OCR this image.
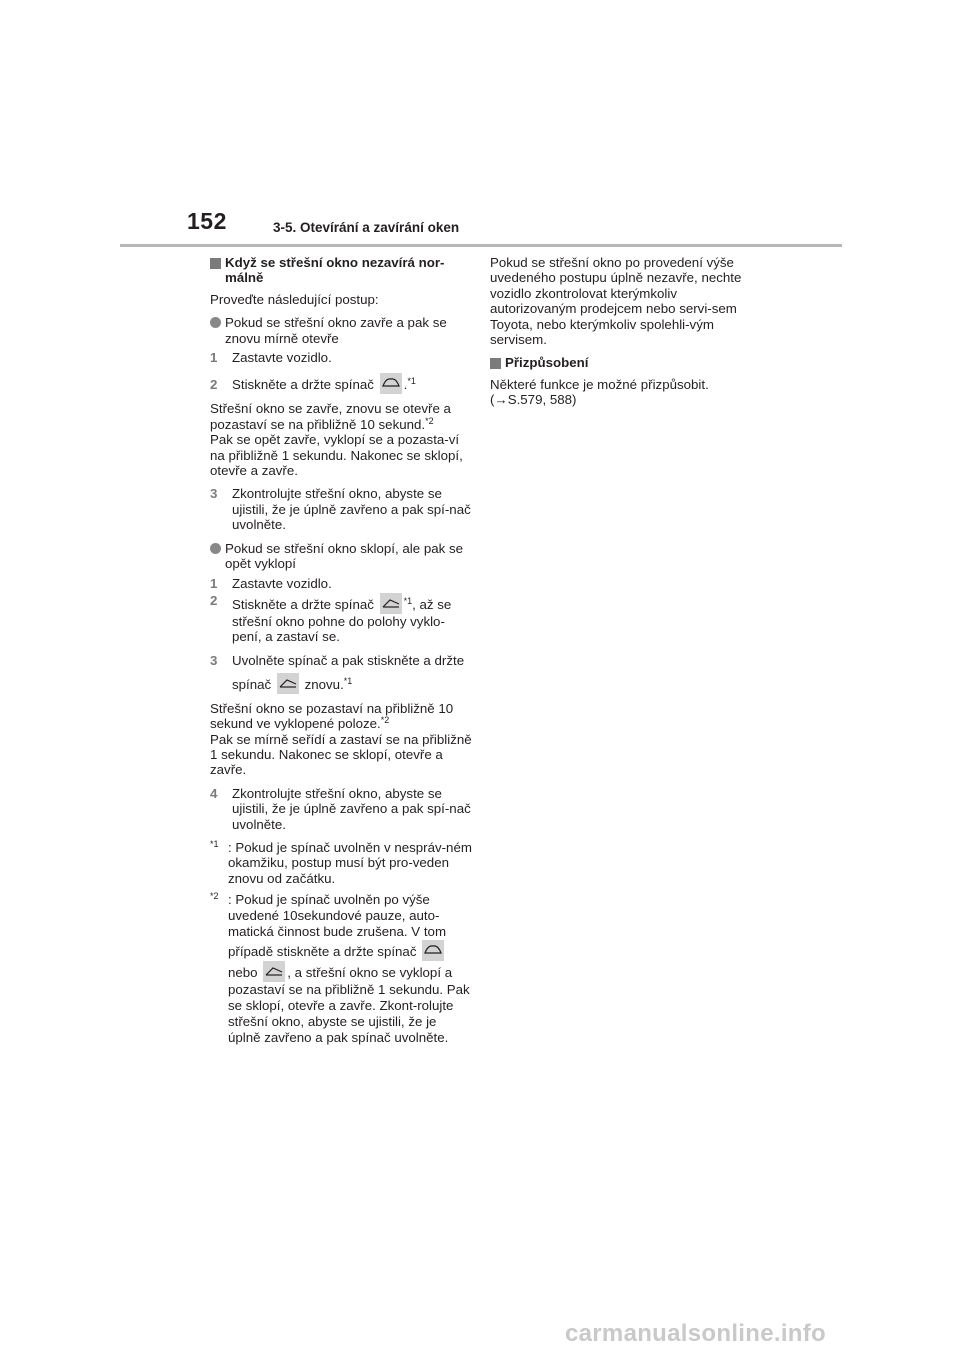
152	3-5. Otevírání a zavírání oken

Když se střešní okno nezavírá nor-
málně

Proveďte následující postup:

Pokud se střešní okno zavře a pak se znovu mírně otevře

1 Zastavte vozidlo.

2 Stiskněte a držte spínač .$^{*1}$

Střešní okno se zavře, znovu se otevře a pozastaví se na přibližně 10 sekund.$^{*2}$

Pak se opět zavře, vyklopí se a pozasta-ví na přibližně 1 sekundu. Nakonec se sklopí, otevře a zavře.

3 Zkontrolujte střešní okno, abyste se ujistili, že je úplně zavřeno a pak spí-nač uvolněte.

Pokud se střešní okno sklopí, ale pak se opět vyklopí

1 Zastavte vozidlo.

2 Stiskněte a držte spínač	$^{*1}$, až se střešní okno pohne do polohy vyklo-pení, a zastaví se.

3 Uvolněte spínač a pak stiskněte a držte spínač	znovu.$^{*1}$

Střešní okno se pozastaví na přibližně 10 sekund ve vyklopené poloze.$^{*2}$

Pak se mírně seřídí a zastaví se na přibližně 1 sekundu. Nakonec se sklopí, otevře a zavře.

4 Zkontrolujte střešní okno, abyste se ujistili, že je úplně zavřeno a pak spí-nač uvolněte.

$^{*1}$ : Pokud je spínač uvolněn v nespráv-ném okamžiku, postup musí být pro-veden znovu od začátku.

$^{*2}$ : Pokud je spínač uvolněn po výše uvedené 10sekundové pauze, auto-matická činnost bude zrušena. V tom případě stiskněte a držte spínač
nebo , a střešní okno se vyklopí a pozastaví se na přibližně 1 sekundu. Pak se sklopí, otevře a zavře. Zkont-rolujte střešní okno, abyste se ujistili, že je úplně zavřeno a pak spínač uvolněte.

Pokud se střešní okno po provedení výše uvedeného postupu úplně nezavře, nechte vozidlo zkontrolovat kterýmkoliv autorizovaným prodejcem nebo servi-sem Toyota, nebo kterýmkoliv spolehli-vým servisem.

Přizpůsobení

Některé funkce je možné přizpůsobit.

(→S.579, 588)

carmanualsonline.info
